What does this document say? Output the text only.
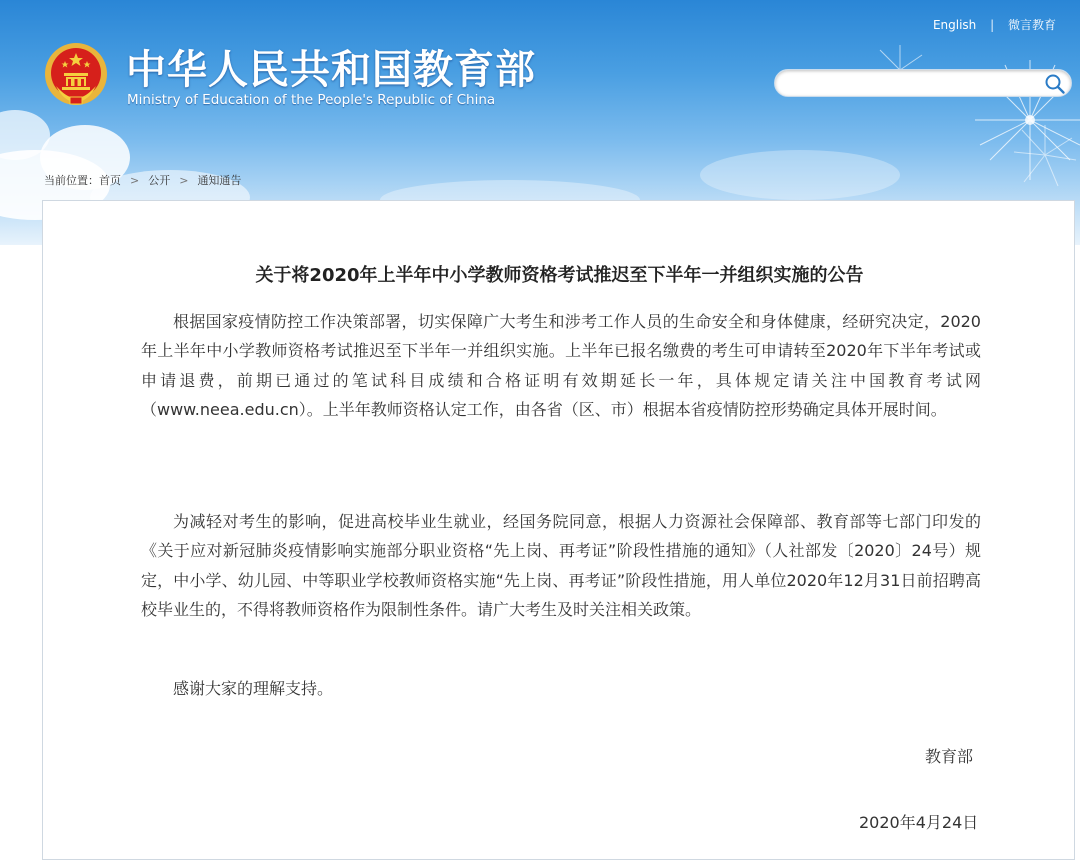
中华人民共和国教育部
Ministry of Education of the People's Republic of China
English | 微言教育
当前位置：首页 > 公开 > 通知通告
关于将2020年上半年中小学教师资格考试推迟至下半年一并组织实施的公告

根据国家疫情防控工作决策部署，切实保障广大考生和涉考工作人员的生命安全和身体健康，经研究决定，2020年上半年中小学教师资格考试推迟至下半年一并组织实施。上半年已报名缴费的考生可申请转至2020年下半年考试或申请退费，前期已通过的笔试科目成绩和合格证明有效期延长一年，具体规定请关注中国教育考试网（www.neea.edu.cn）。上半年教师资格认定工作，由各省（区、市）根据本省疫情防控形势确定具体开展时间。

为减轻对考生的影响，促进高校毕业生就业，经国务院同意，根据人力资源社会保障部、教育部等七部门印发的《关于应对新冠肺炎疫情影响实施部分职业资格“先上岗、再考证”阶段性措施的通知》（人社部发〔2020〕24号）规定，中小学、幼儿园、中等职业学校教师资格实施“先上岗、再考证”阶段性措施，用人单位2020年12月31日前招聘高校毕业生的，不得将教师资格作为限制性条件。请广大考生及时关注相关政策。

感谢大家的理解支持。

教育部
2020年4月24日
